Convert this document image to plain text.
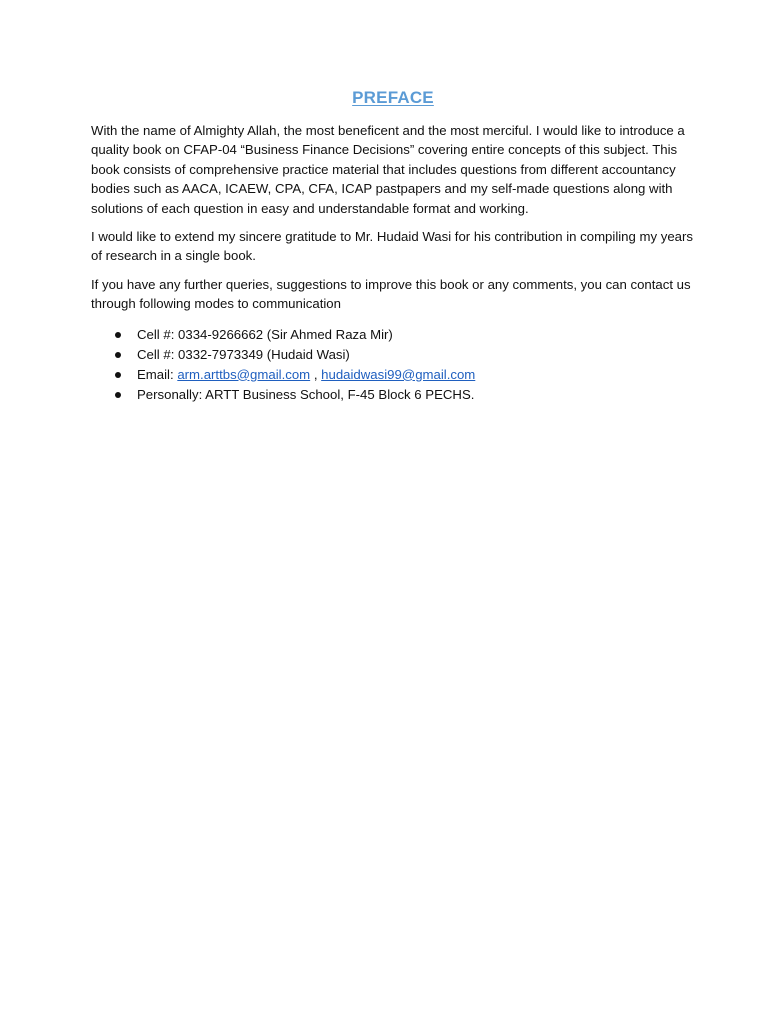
PREFACE

With the name of Almighty Allah, the most beneficent and the most merciful. I would like to introduce a quality book on CFAP-04 “Business Finance Decisions” covering entire concepts of this subject. This book consists of comprehensive practice material that includes questions from different accountancy bodies such as AACA, ICAEW, CPA, CFA, ICAP pastpapers and my self-made questions along with solutions of each question in easy and understandable format and working.

I would like to extend my sincere gratitude to Mr. Hudaid Wasi for his contribution in compiling my years of research in a single book.

If you have any further queries, suggestions to improve this book or any comments, you can contact us through following modes to communication

Cell #: 0334-9266662 (Sir Ahmed Raza Mir)
Cell #: 0332-7973349 (Hudaid Wasi)
Email: arm.arttbs@gmail.com , hudaidwasi99@gmail.com
Personally: ARTT Business School, F-45 Block 6 PECHS.
